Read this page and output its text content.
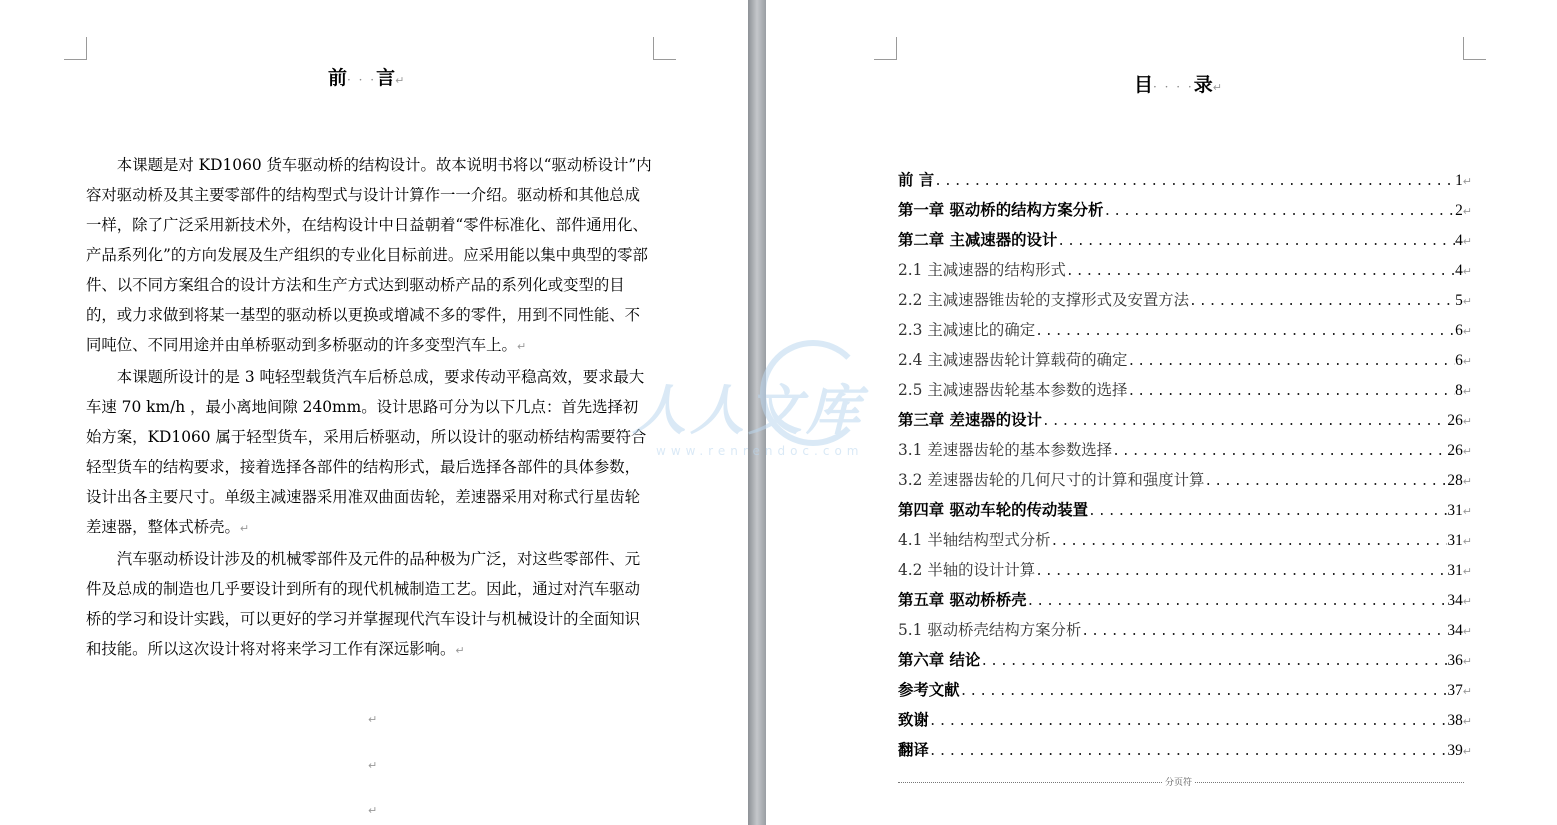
前· · ·言↵

本课题是对 KD1060 货车驱动桥的结构设计。故本说明书将以“驱动桥设计”内容对驱动桥及其主要零部件的结构型式与设计计算作一一介绍。驱动桥和其他总成一样，除了广泛采用新技术外，在结构设计中日益朝着“零件标准化、部件通用化、产品系列化”的方向发展及生产组织的专业化目标前进。应采用能以集中典型的零部件、以不同方案组合的设计方法和生产方式达到驱动桥产品的系列化或变型的目的，或力求做到将某一基型的驱动桥以更换或增减不多的零件，用到不同性能、不同吨位、不同用途并由单桥驱动到多桥驱动的许多变型汽车上。↵

本课题所设计的是 3 吨轻型载货汽车后桥总成，要求传动平稳高效，要求最大车速 70 km/h ，最小离地间隙 240mm。设计思路可分为以下几点：首先选择初始方案，KD1060 属于轻型货车，采用后桥驱动，所以设计的驱动桥结构需要符合轻型货车的结构要求，接着选择各部件的结构形式，最后选择各部件的具体参数，设计出各主要尺寸。单级主减速器采用准双曲面齿轮，差速器采用对称式行星齿轮差速器，整体式桥壳。↵

汽车驱动桥设计涉及的机械零部件及元件的品种极为广泛，对这些零部件、元件及总成的制造也几乎要设计到所有的现代机械制造工艺。因此，通过对汽车驱动桥的学习和设计实践，可以更好的学习并掌握现代汽车设计与机械设计的全面知识和技能。所以这次设计将对将来学习工作有深远影响。↵

↵
↵
↵
目· · · ·录↵
前 言 .....	1 ↵
第一章 驱动桥的结构方案分析 .....	2 ↵
第二章 主减速器的设计 .....	4 ↵
2.1 主减速器的结构形式 .....	4 ↵
2.2 主减速器锥齿轮的支撑形式及安置方法 .....	5 ↵
2.3 主减速比的确定 .....	6 ↵
2.4 主减速器齿轮计算载荷的确定 .....	6 ↵
2.5 主减速器齿轮基本参数的选择 .....	8 ↵
第三章 差速器的设计 .....	26 ↵
3.1 差速器齿轮的基本参数选择 .....	26 ↵
3.2 差速器齿轮的几何尺寸的计算和强度计算 .....	28 ↵
第四章 驱动车轮的传动装置 .....	31 ↵
4.1 半轴结构型式分析 .....	31 ↵
4.2 半轴的设计计算 .....	31 ↵
第五章 驱动桥桥壳 .....	34 ↵
5.1 驱动桥壳结构方案分析 .....	34 ↵
第六章 结论 .....	36 ↵
参考文献 .....	37 ↵
致谢 .....	38 ↵
翻译 .....	39 ↵
分页符
人人文库
www.renrendoc.com
